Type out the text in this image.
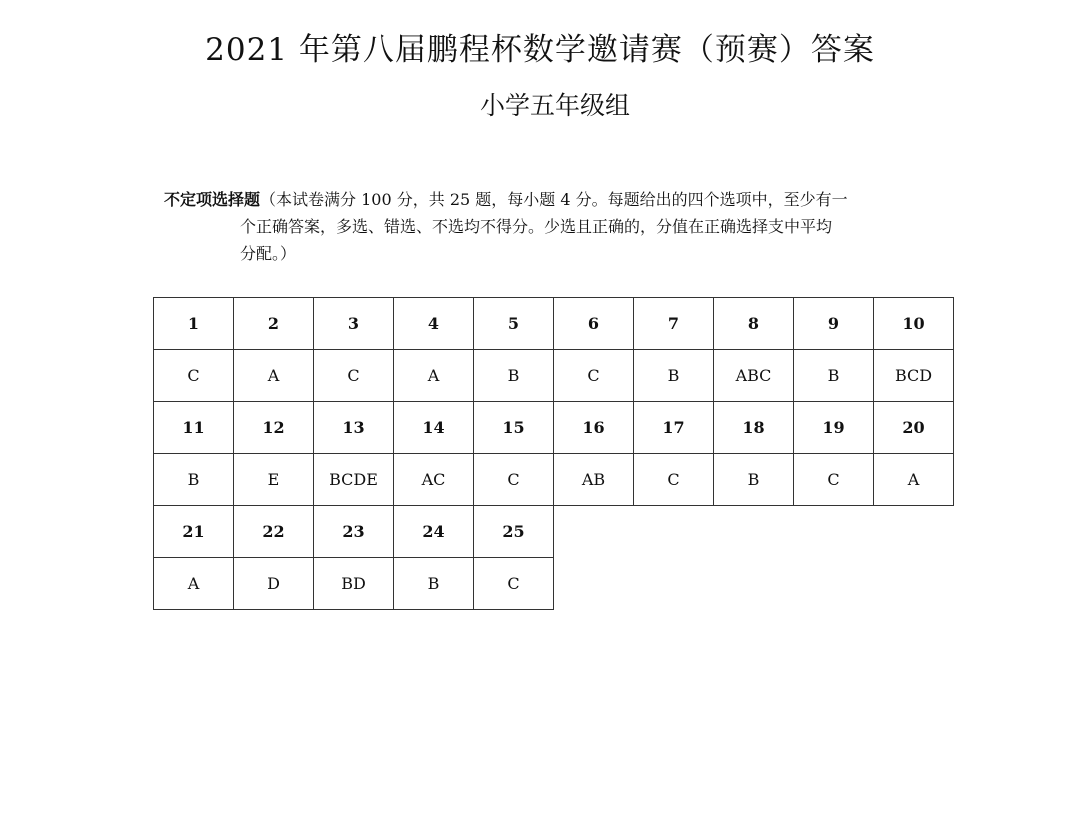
2021 年第八届鹏程杯数学邀请赛（预赛）答案
小学五年级组
不定项选择题（本试卷满分 100 分，共 25 题，每小题 4 分。每题给出的四个选项中，至少有一
个正确答案，多选、错选、不选均不得分。少选且正确的，分值在正确选择支中平均
分配。）
1	2	3	4	5	6	7	8	9	10
C	A	C	A	B	C	B	ABC	B	BCD
11	12	13	14	15	16	17	18	19	20
B	E	BCDE	AC	C	AB	C	B	C	A
21	22	23	24	25					
A	D	BD	B	C					
